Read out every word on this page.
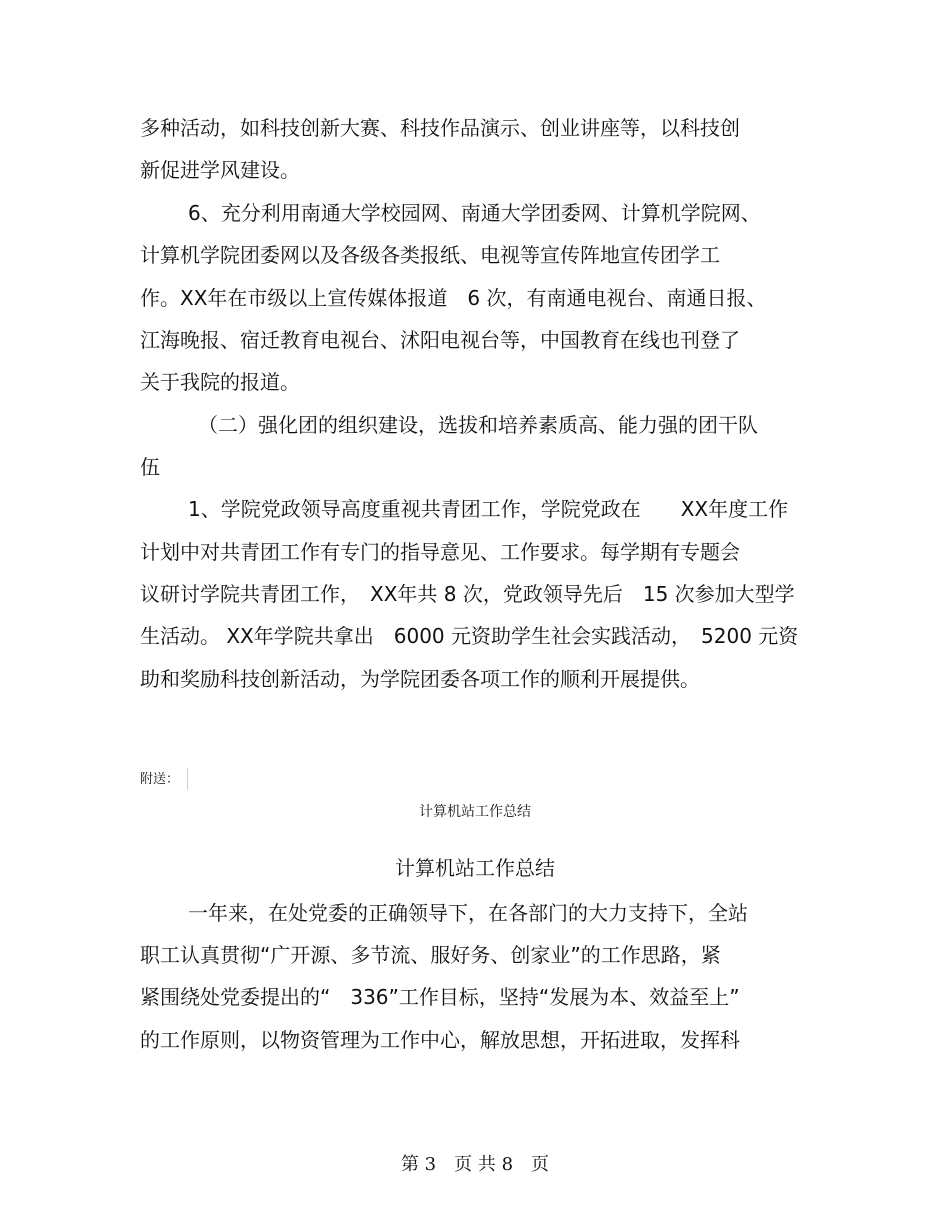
多种活动，如科技创新大赛、科技作品演示、创业讲座等，以科技创
新促进学风建设。
6、充分利用南通大学校园网、南通大学团委网、计算机学院网、
计算机学院团委网以及各级各类报纸、电视等宣传阵地宣传团学工
作。XX年在市级以上宣传媒体报道　6 次，有南通电视台、南通日报、
江海晚报、宿迁教育电视台、沭阳电视台等，中国教育在线也刊登了
关于我院的报道。
（二）强化团的组织建设，选拔和培养素质高、能力强的团干队
伍
1、学院党政领导高度重视共青团工作，学院党政在　　XX年度工作
计划中对共青团工作有专门的指导意见、工作要求。每学期有专题会
议研讨学院共青团工作，　XX年共 8 次，党政领导先后　15 次参加大型学
生活动。 XX年学院共拿出　6000 元资助学生社会实践活动，　5200 元资
助和奖励科技创新活动，为学院团委各项工作的顺利开展提供。
附送：
计算机站工作总结
计算机站工作总结
一年来，在处党委的正确领导下，在各部门的大力支持下，全站
职工认真贯彻“广开源、多节流、服好务、创家业”的工作思路，紧
紧围绕处党委提出的“　336”工作目标，坚持“发展为本、效益至上”
的工作原则，以物资管理为工作中心，解放思想，开拓进取，发挥科
第 3　页 共 8　页
